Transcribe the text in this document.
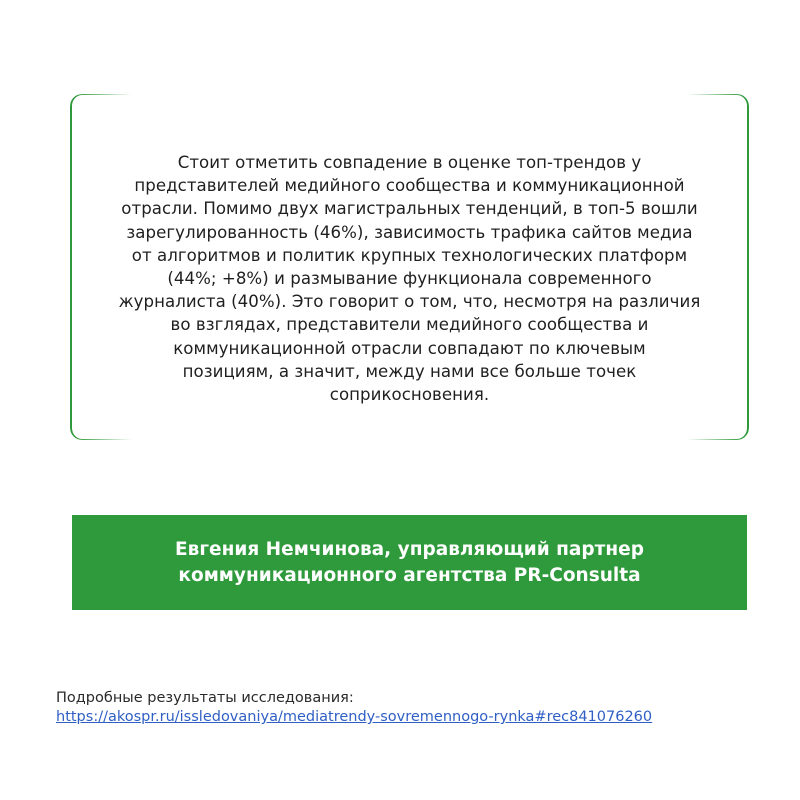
Стоит отметить совпадение в оценке топ-трендов у
представителей медийного сообщества и коммуникационной
отрасли. Помимо двух магистральных тенденций, в топ-5 вошли
зарегулированность (46%), зависимость трафика сайтов медиа
от алгоритмов и политик крупных технологических платформ
(44%; +8%) и размывание функционала современного
журналиста (40%). Это говорит о том, что, несмотря на различия
во взглядах, представители медийного сообщества и
коммуникационной отрасли совпадают по ключевым
позициям, а значит, между нами все больше точек
соприкосновения.

Евгения Немчинова, управляющий партнер
коммуникационного агентства PR-Consulta

Подробные результаты исследования:
https://akospr.ru/issledovaniya/mediatrendy-sovremennogo-rynka#rec841076260
